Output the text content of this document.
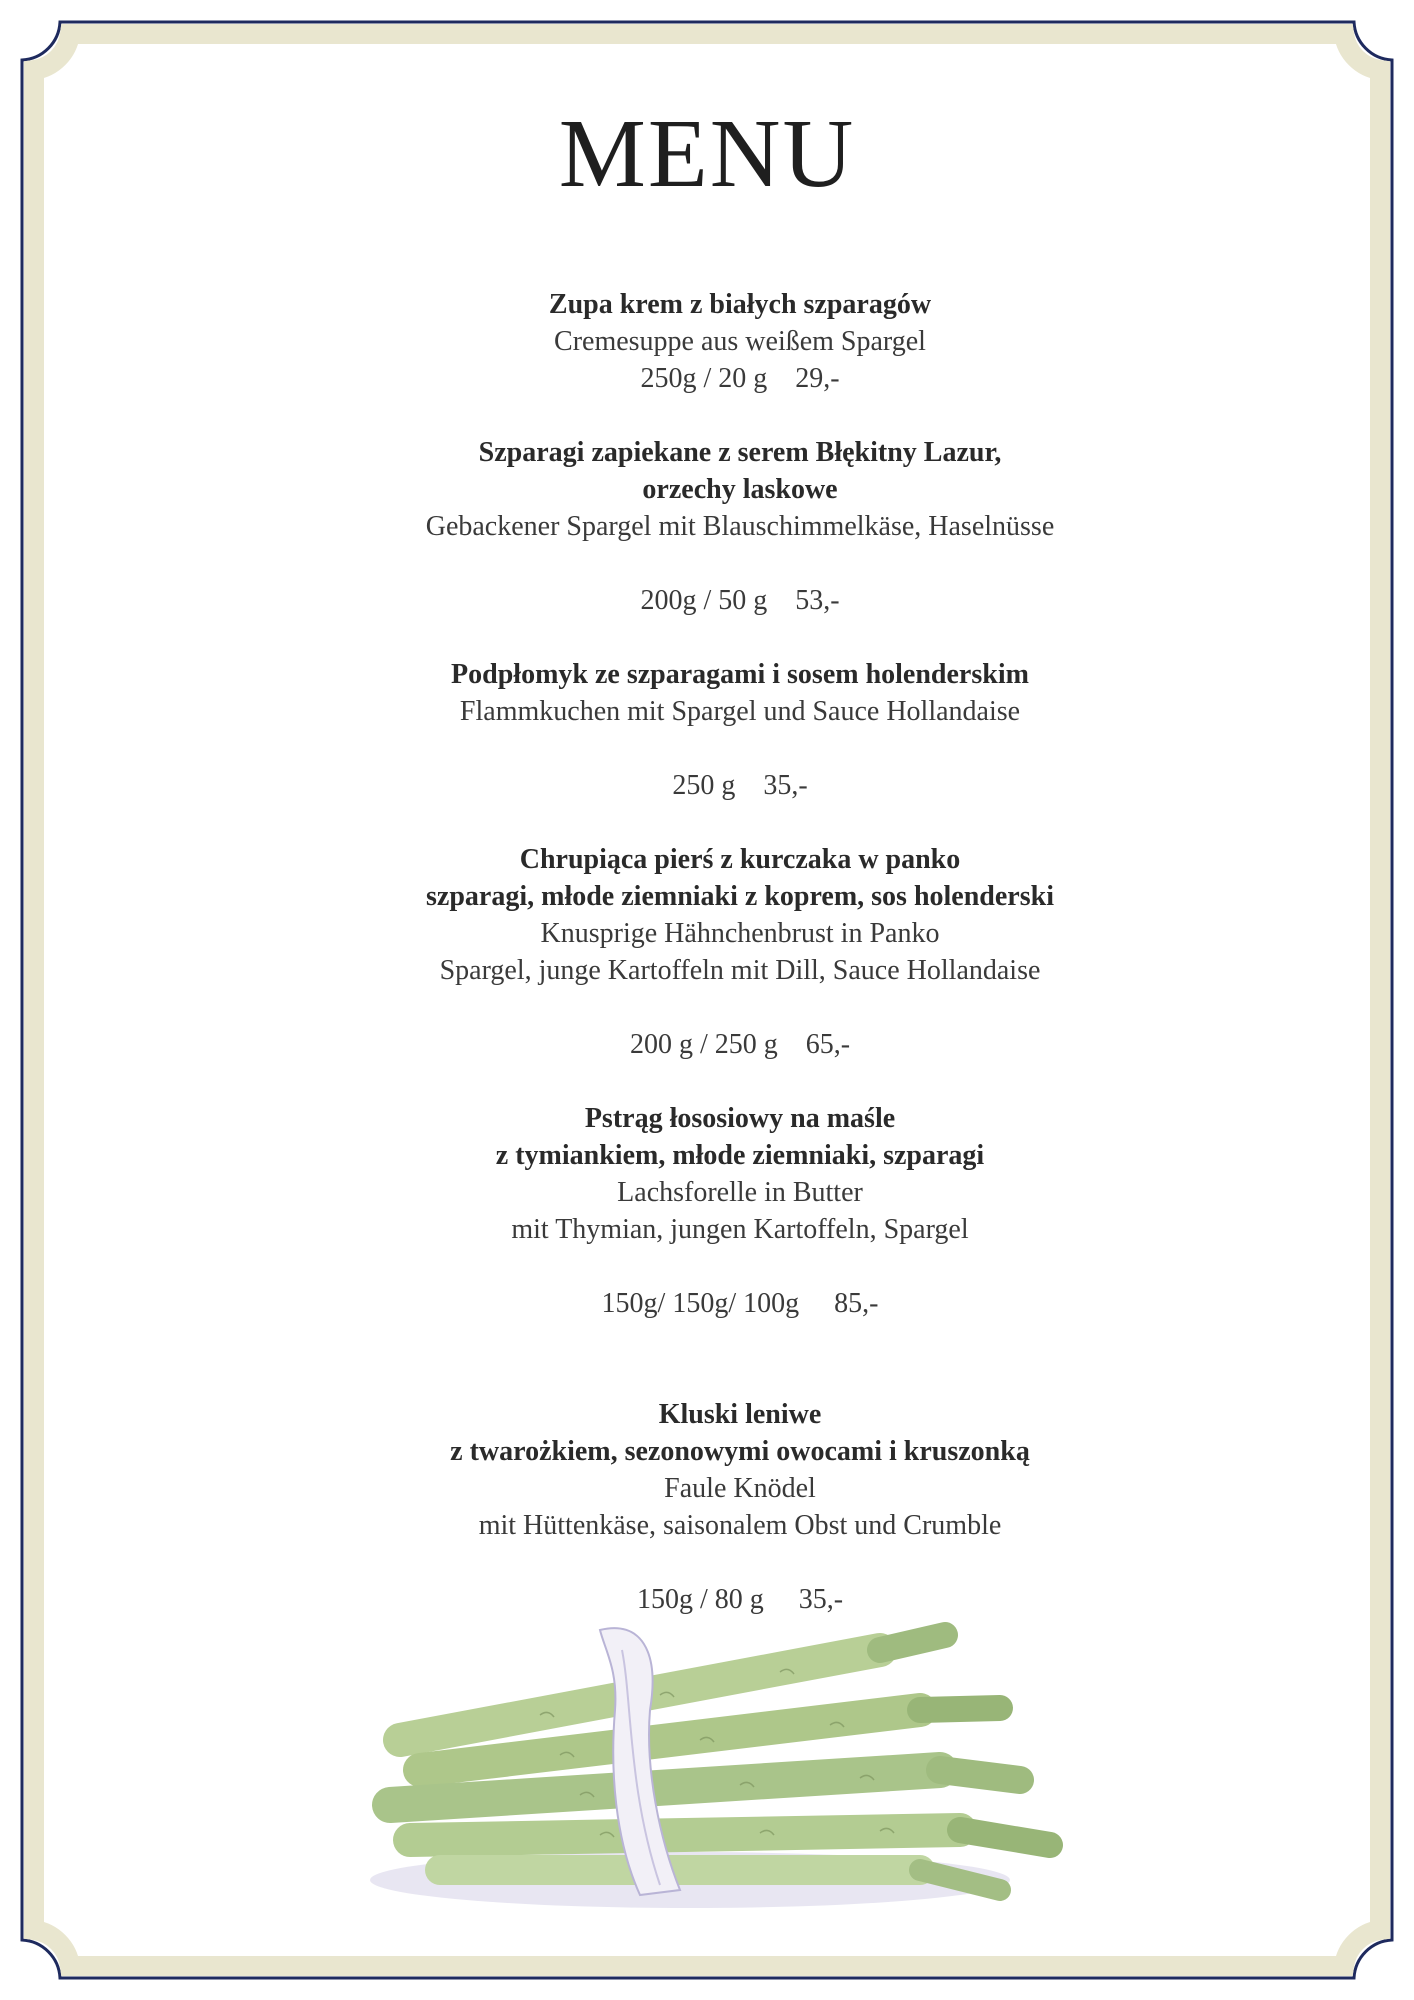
MENU
Zupa krem z białych szparagów
Cremesuppe aus weißem Spargel
250g / 20 g 29,-
Szparagi zapiekane z serem Błękitny Lazur,
orzechy laskowe
Gebackener Spargel mit Blauschimmelkäse, Haselnüsse
200g / 50 g 53,-
Podpłomyk ze szparagami i sosem holenderskim
Flammkuchen mit Spargel und Sauce Hollandaise
250 g 35,-
Chrupiąca pierś z kurczaka w panko
szparagi, młode ziemniaki z koprem, sos holenderski
Knusprige Hähnchenbrust in Panko
Spargel, junge Kartoffeln mit Dill, Sauce Hollandaise
200 g / 250 g 65,-
Pstrąg łososiowy na maśle
z tymiankiem, młode ziemniaki, szparagi
Lachsforelle in Butter
mit Thymian, jungen Kartoffeln, Spargel
150g/ 150g/ 100g 85,-
Kluski leniwe
z twarożkiem, sezonowymi owocami i kruszonką
Faule Knödel
mit Hüttenkäse, saisonalem Obst und Crumble
150g / 80 g 35,-
